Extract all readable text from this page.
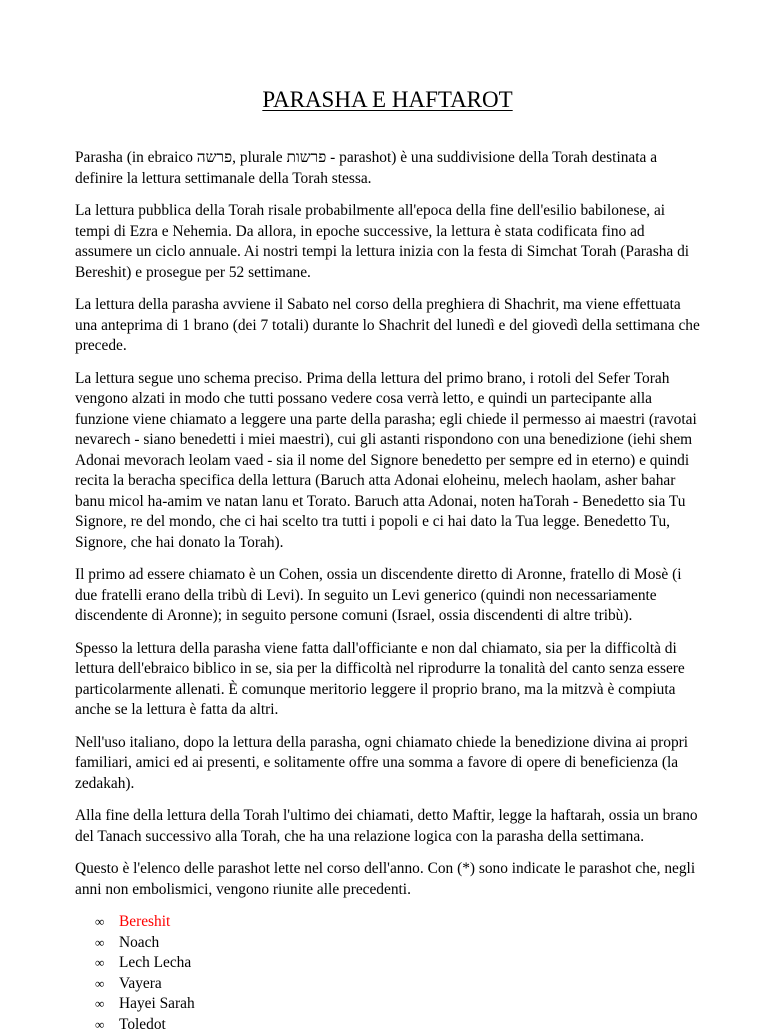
PARASHA E HAFTAROT

Parasha (in ebraico פרשה, plurale פרשות - parashot) è una suddivisione della Torah destinata a definire la lettura settimanale della Torah stessa.

La lettura pubblica della Torah risale probabilmente all'epoca della fine dell'esilio babilonese, ai tempi di Ezra e Nehemia. Da allora, in epoche successive, la lettura è stata codificata fino ad assumere un ciclo annuale. Ai nostri tempi la lettura inizia con la festa di Simchat Torah (Parasha di Bereshit) e prosegue per 52 settimane.

La lettura della parasha avviene il Sabato nel corso della preghiera di Shachrit, ma viene effettuata una anteprima di 1 brano (dei 7 totali) durante lo Shachrit del lunedì e del giovedì della settimana che precede.

La lettura segue uno schema preciso. Prima della lettura del primo brano, i rotoli del Sefer Torah vengono alzati in modo che tutti possano vedere cosa verrà letto, e quindi un partecipante alla funzione viene chiamato a leggere una parte della parasha; egli chiede il permesso ai maestri (ravotai nevarech - siano benedetti i miei maestri), cui gli astanti rispondono con una benedizione (iehi shem Adonai mevorach leolam vaed - sia il nome del Signore benedetto per sempre ed in eterno) e quindi recita la beracha specifica della lettura (Baruch atta Adonai eloheinu, melech haolam, asher bahar banu micol ha-amim ve natan lanu et Torato. Baruch atta Adonai, noten haTorah - Benedetto sia Tu Signore, re del mondo, che ci hai scelto tra tutti i popoli e ci hai dato la Tua legge. Benedetto Tu, Signore, che hai donato la Torah).

Il primo ad essere chiamato è un Cohen, ossia un discendente diretto di Aronne, fratello di Mosè (i due fratelli erano della tribù di Levi). In seguito un Levi generico (quindi non necessariamente discendente di Aronne); in seguito persone comuni (Israel, ossia discendenti di altre tribù).

Spesso la lettura della parasha viene fatta dall'officiante e non dal chiamato, sia per la difficoltà di lettura dell'ebraico biblico in se, sia per la difficoltà nel riprodurre la tonalità del canto senza essere particolarmente allenati. È comunque meritorio leggere il proprio brano, ma la mitzvà è compiuta anche se la lettura è fatta da altri.

Nell'uso italiano, dopo la lettura della parasha, ogni chiamato chiede la benedizione divina ai propri familiari, amici ed ai presenti, e solitamente offre una somma a favore di opere di beneficienza (la zedakah).

Alla fine della lettura della Torah l'ultimo dei chiamati, detto Maftir, legge la haftarah, ossia un brano del Tanach successivo alla Torah, che ha una relazione logica con la parasha della settimana.

Questo è l'elenco delle parashot lette nel corso dell'anno. Con (*) sono indicate le parashot che, negli anni non embolismici, vengono riunite alle precedenti.

∞ Bereshit
∞ Noach
∞ Lech Lecha
∞ Vayera
∞ Hayei Sarah
∞ Toledot
